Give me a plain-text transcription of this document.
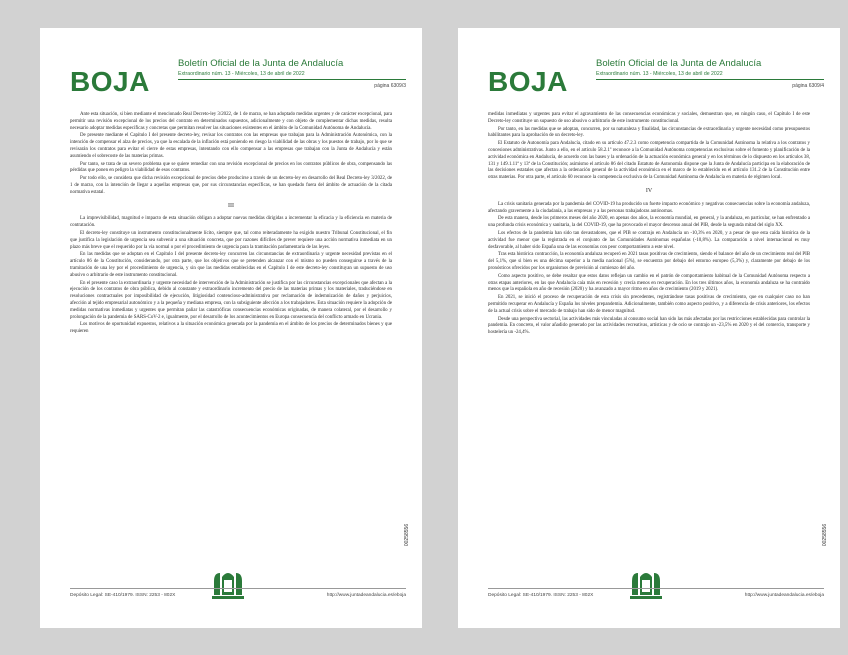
BOJA
Boletín Oficial de la Junta de Andalucía
Extraordinario núm. 13 - Miércoles, 13 de abril de 2022
página 6309/3

Ante esta situación, si bien mediante el mencionado Real Decreto-ley 3/2022, de 1 de marzo, se han adoptado medidas urgentes y de carácter excepcional, para permitir una revisión excepcional de los precios del contrato en determinados supuestos, adicionalmente y con objeto de complementar dichas medidas, resulta necesario adoptar medidas específicas y concretas que permitan resolver las situaciones existentes en el ámbito de la Comunidad Autónoma de Andalucía.

De presente mediante el Capítulo I del presente decreto-ley, revisar los contratos con las empresas que trabajan para la Administración Autonómica, con la intención de compensar el alza de precios, ya que la escalada de la inflación está poniendo en riesgo la viabilidad de las obras y los puestos de trabajo, por lo que se revisarán los contratos para evitar el cierre de estas empresas, intentando con ello compensar a las empresas que trabajan con la Junta de Andalucía y están asumiendo el sobrecoste de las materias primas.

Por tanto, se trata de un severo problema que se quiere remediar con una revisión excepcional de precios en los contratos públicos de obra, compensando las pérdidas que ponen en peligro la viabilidad de esos contratos.

Por todo ello, se considera que dicha revisión excepcional de precios debe producirse a través de un decreto-ley en desarrollo del Real Decreto-ley 3/2022, de 1 de marzo, con la intención de llegar a aquellas empresas que, por sus circunstancias específicas, se han quedado fuera del ámbito de actuación de la citada normativa estatal.

III

La imprevisibilidad, magnitud e impacto de esta situación obligan a adoptar nuevas medidas dirigidas a incrementar la eficacia y la eficiencia en materia de contratación.

El decreto-ley constituye un instrumento constitucionalmente lícito, siempre que, tal como reiteradamente ha exigido nuestro Tribunal Constitucional, el fin que justifica la legislación de urgencia sea subvenir a una situación concreta, que por razones difíciles de prever requiere una acción normativa inmediata en un plazo más breve que el requerido por la vía normal o por el procedimiento de urgencia para la tramitación parlamentaria de las leyes.

En las medidas que se adoptan en el Capítulo I del presente decreto-ley concurren las circunstancias de extraordinaria y urgente necesidad previstas en el artículo 86 de la Constitución, considerando, por otra parte, que los objetivos que se pretenden alcanzar con el mismo no pueden conseguirse a través de la tramitación de una ley por el procedimiento de urgencia, y sin que las medidas establecidas en el Capítulo I de este decreto-ley constituyan un supuesto de uso abusivo o arbitrario de este instrumento constitucional.

En el presente caso la extraordinaria y urgente necesidad de intervención de la Administración se justifica por las circunstancias excepcionales que afectan a la ejecución de los contratos de obra pública, debido al constante y extraordinario incremento del precio de las materias primas y los materiales, traduciéndose en resoluciones contractuales por imposibilidad de ejecución, litigiosidad contencioso-administrativa por reclamación de indemnización de daños y perjuicios, afección al tejido empresarial autonómico y a la pequeña y mediana empresa, con la subsiguiente afección a los trabajadores. Esta situación requiere la adopción de medidas normativas inmediatas y urgentes que permitan paliar las catastróficas consecuencias económicas originadas, de manera colateral, por el desarrollo y prolongación de la pandemia de SARS-CoV-2 e, igualmente, por el desarrollo de los acontecimientos en Europa consecuencia del conflicto armado en Ucrania.

Los motivos de oportunidad expuestos, relativos a la situación económica generada por la pandemia en el ámbito de los precios de determinados bienes y que requieren

00258556
Depósito Legal: SE-410/1979. ISSN: 2253 - 802X	http://www.juntadeandalucia.es/eboja
BOJA
Boletín Oficial de la Junta de Andalucía
Extraordinario núm. 13 - Miércoles, 13 de abril de 2022
página 6309/4

medidas inmediatas y urgentes para evitar el agravamiento de las consecuencias económicas y sociales, demuestran que, en ningún caso, el Capítulo I de este Decreto-ley constituye un supuesto de uso abusivo o arbitrario de este instrumento constitucional.

Por tanto, en las medidas que se adoptan, concurren, por su naturaleza y finalidad, las circunstancias de extraordinaria y urgente necesidad como presupuestos habilitantes para la aprobación de un decreto-ley.

El Estatuto de Autonomía para Andalucía, citado en su artículo 47.2.3 como competencia compartida de la Comunidad Autónoma la relativa a los contratos y concesiones administrativas. Junto a ello, en el artículo 58.2.1º reconoce a la Comunidad Autónoma competencias exclusivas sobre el fomento y planificación de la actividad económica en Andalucía, de acuerdo con las bases y la ordenación de la actuación económica general y en los términos de lo dispuesto en los artículos 38, 131 y 149.1.11ª y 13ª de la Constitución; asimismo el artículo 86 del citado Estatuto de Autonomía dispone que la Junta de Andalucía participa en la elaboración de las decisiones estatales que afectan a la ordenación general de la actividad económica en el marco de lo establecido en el artículo 131.2 de la Constitución entre otras materias. Por otra parte, el artículo 60 reconoce la competencia exclusiva de la Comunidad Autónoma de Andalucía en materia de régimen local.

IV

La crisis sanitaria generada por la pandemia del COVID-19 ha producido un fuerte impacto económico y negativas consecuencias sobre la economía andaluza, afectando gravemente a la ciudadanía, a las empresas y a las personas trabajadoras autónomas.

De esta manera, desde los primeros meses del año 2020, en apenas dos años, la economía mundial, en general, y la andaluza, en particular, se han enfrentado a una profunda crisis económica y sanitaria, la del COVID-19, que ha provocado el mayor descenso anual del PIB, desde la segunda mitad del siglo XX.

Los efectos de la pandemia han sido tan devastadores, que el PIB se contrajo en Andalucía un -10,3% en 2020, y a pesar de que esta caída histórica de la actividad fue menor que la registrada en el conjunto de las Comunidades Autónomas españolas (-10,8%). La comparación a nivel internacional es muy desfavorable, al haber sido España una de las economías con peor comportamiento a este nivel.

Tras esta histórica contracción, la economía andaluza recuperó en 2021 tasas positivas de crecimiento, siendo el balance del año de un crecimiento real del PIB del 5,1%, que si bien es una décima superior a la media nacional (5%), se encuentra por debajo del entorno europeo (5,3%) y, claramente por debajo de los pronósticos ofrecidos por los organismos de previsión al comienzo del año.

Como aspecto positivo, se debe resaltar que estos datos reflejan un cambio en el patrón de comportamiento habitual de la Comunidad Autónoma respecto a otras etapas anteriores, en las que Andalucía caía más en recesión y crecía menos en recuperación. En los tres últimos años, la economía andaluza se ha contraído menos que la española en año de recesión (2020) y ha avanzado a mayor ritmo en años de crecimiento (2019 y 2021).

En 2021, se inició el proceso de recuperación de esta crisis sin precedentes, registrándose tasas positivas de crecimiento, que en cualquier caso no han permitido recuperar en Andalucía y España los niveles prepandemia. Adicionalmente, también como aspecto positivo, y a diferencia de crisis anteriores, los efectos de la actual crisis sobre el mercado de trabajo han sido de menor magnitud.

Desde una perspectiva sectorial, las actividades más vinculadas al consumo social han sido las más afectadas por las restricciones establecidas para controlar la pandemia. En concreto, el valor añadido generado por las actividades recreativas, artísticas y de ocio se contrajo un -23,5% en 2020 y el del comercio, transporte y hostelería un -24,4%.

00258556
Depósito Legal: SE-410/1979. ISSN: 2253 - 802X	http://www.juntadeandalucia.es/eboja
